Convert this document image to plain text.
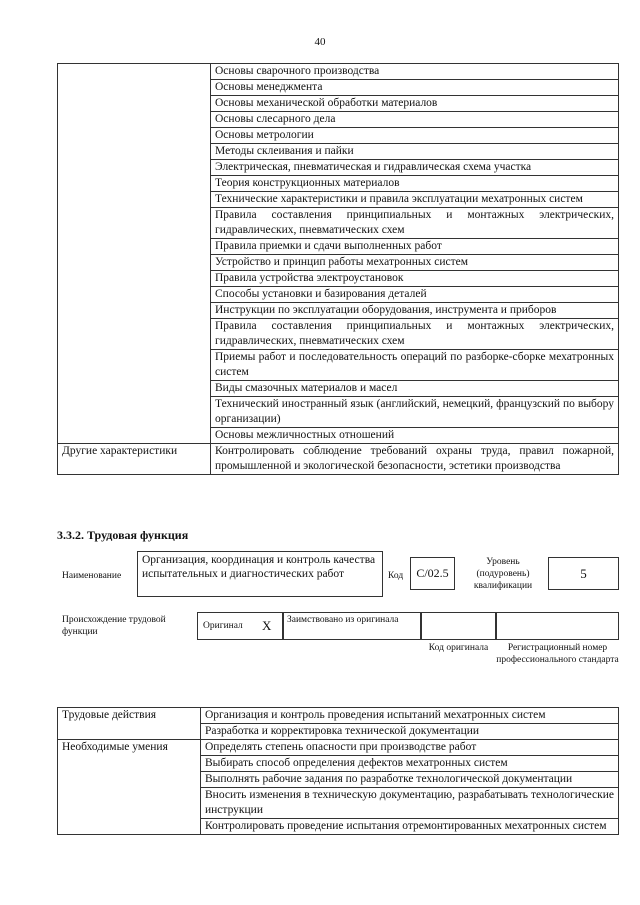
40
	Основы сварочного производства
	Основы менеджмента
	Основы механической обработки материалов
	Основы слесарного дела
	Основы метрологии
	Методы склеивания и пайки
	Электрическая, пневматическая и гидравлическая схема участка
	Теория конструкционных материалов
	Технические характеристики и правила эксплуатации мехатронных систем
	Правила составления принципиальных и монтажных электрических, гидравлических, пневматических схем
	Правила приемки и сдачи выполненных работ
	Устройство и принцип работы мехатронных систем
	Правила устройства электроустановок
	Способы установки и базирования деталей
	Инструкции по эксплуатации оборудования, инструмента и приборов
	Правила составления принципиальных и монтажных электрических, гидравлических, пневматических схем
	Приемы работ и последовательность операций по разборке-сборке мехатронных систем
	Виды смазочных материалов и масел
	Технический иностранный язык (английский, немецкий, французский по выбору организации)
	Основы межличностных отношений
Другие характеристики	Контролировать соблюдение требований охраны труда, правил пожарной, промышленной и экологической безопасности, эстетики производства
3.3.2. Трудовая функция
Наименование
Организация, координация и контроль качества испытательных и диагностических работ	Код	C/02.5
Уровень (подуровень) квалификации
5
Происхождение трудовой функции
Оригинал X	Заимствовано из оригинала
Код оригинала	Регистрационный номер профессионального стандарта
Трудовые действия	Организация и контроль проведения испытаний мехатронных систем
	Разработка и корректировка технической документации
Необходимые умения	Определять степень опасности при производстве работ
	Выбирать способ определения дефектов мехатронных систем
	Выполнять рабочие задания по разработке технологической документации
	Вносить изменения в техническую документацию, разрабатывать технологические инструкции
	Контролировать проведение испытания отремонтированных мехатронных систем
